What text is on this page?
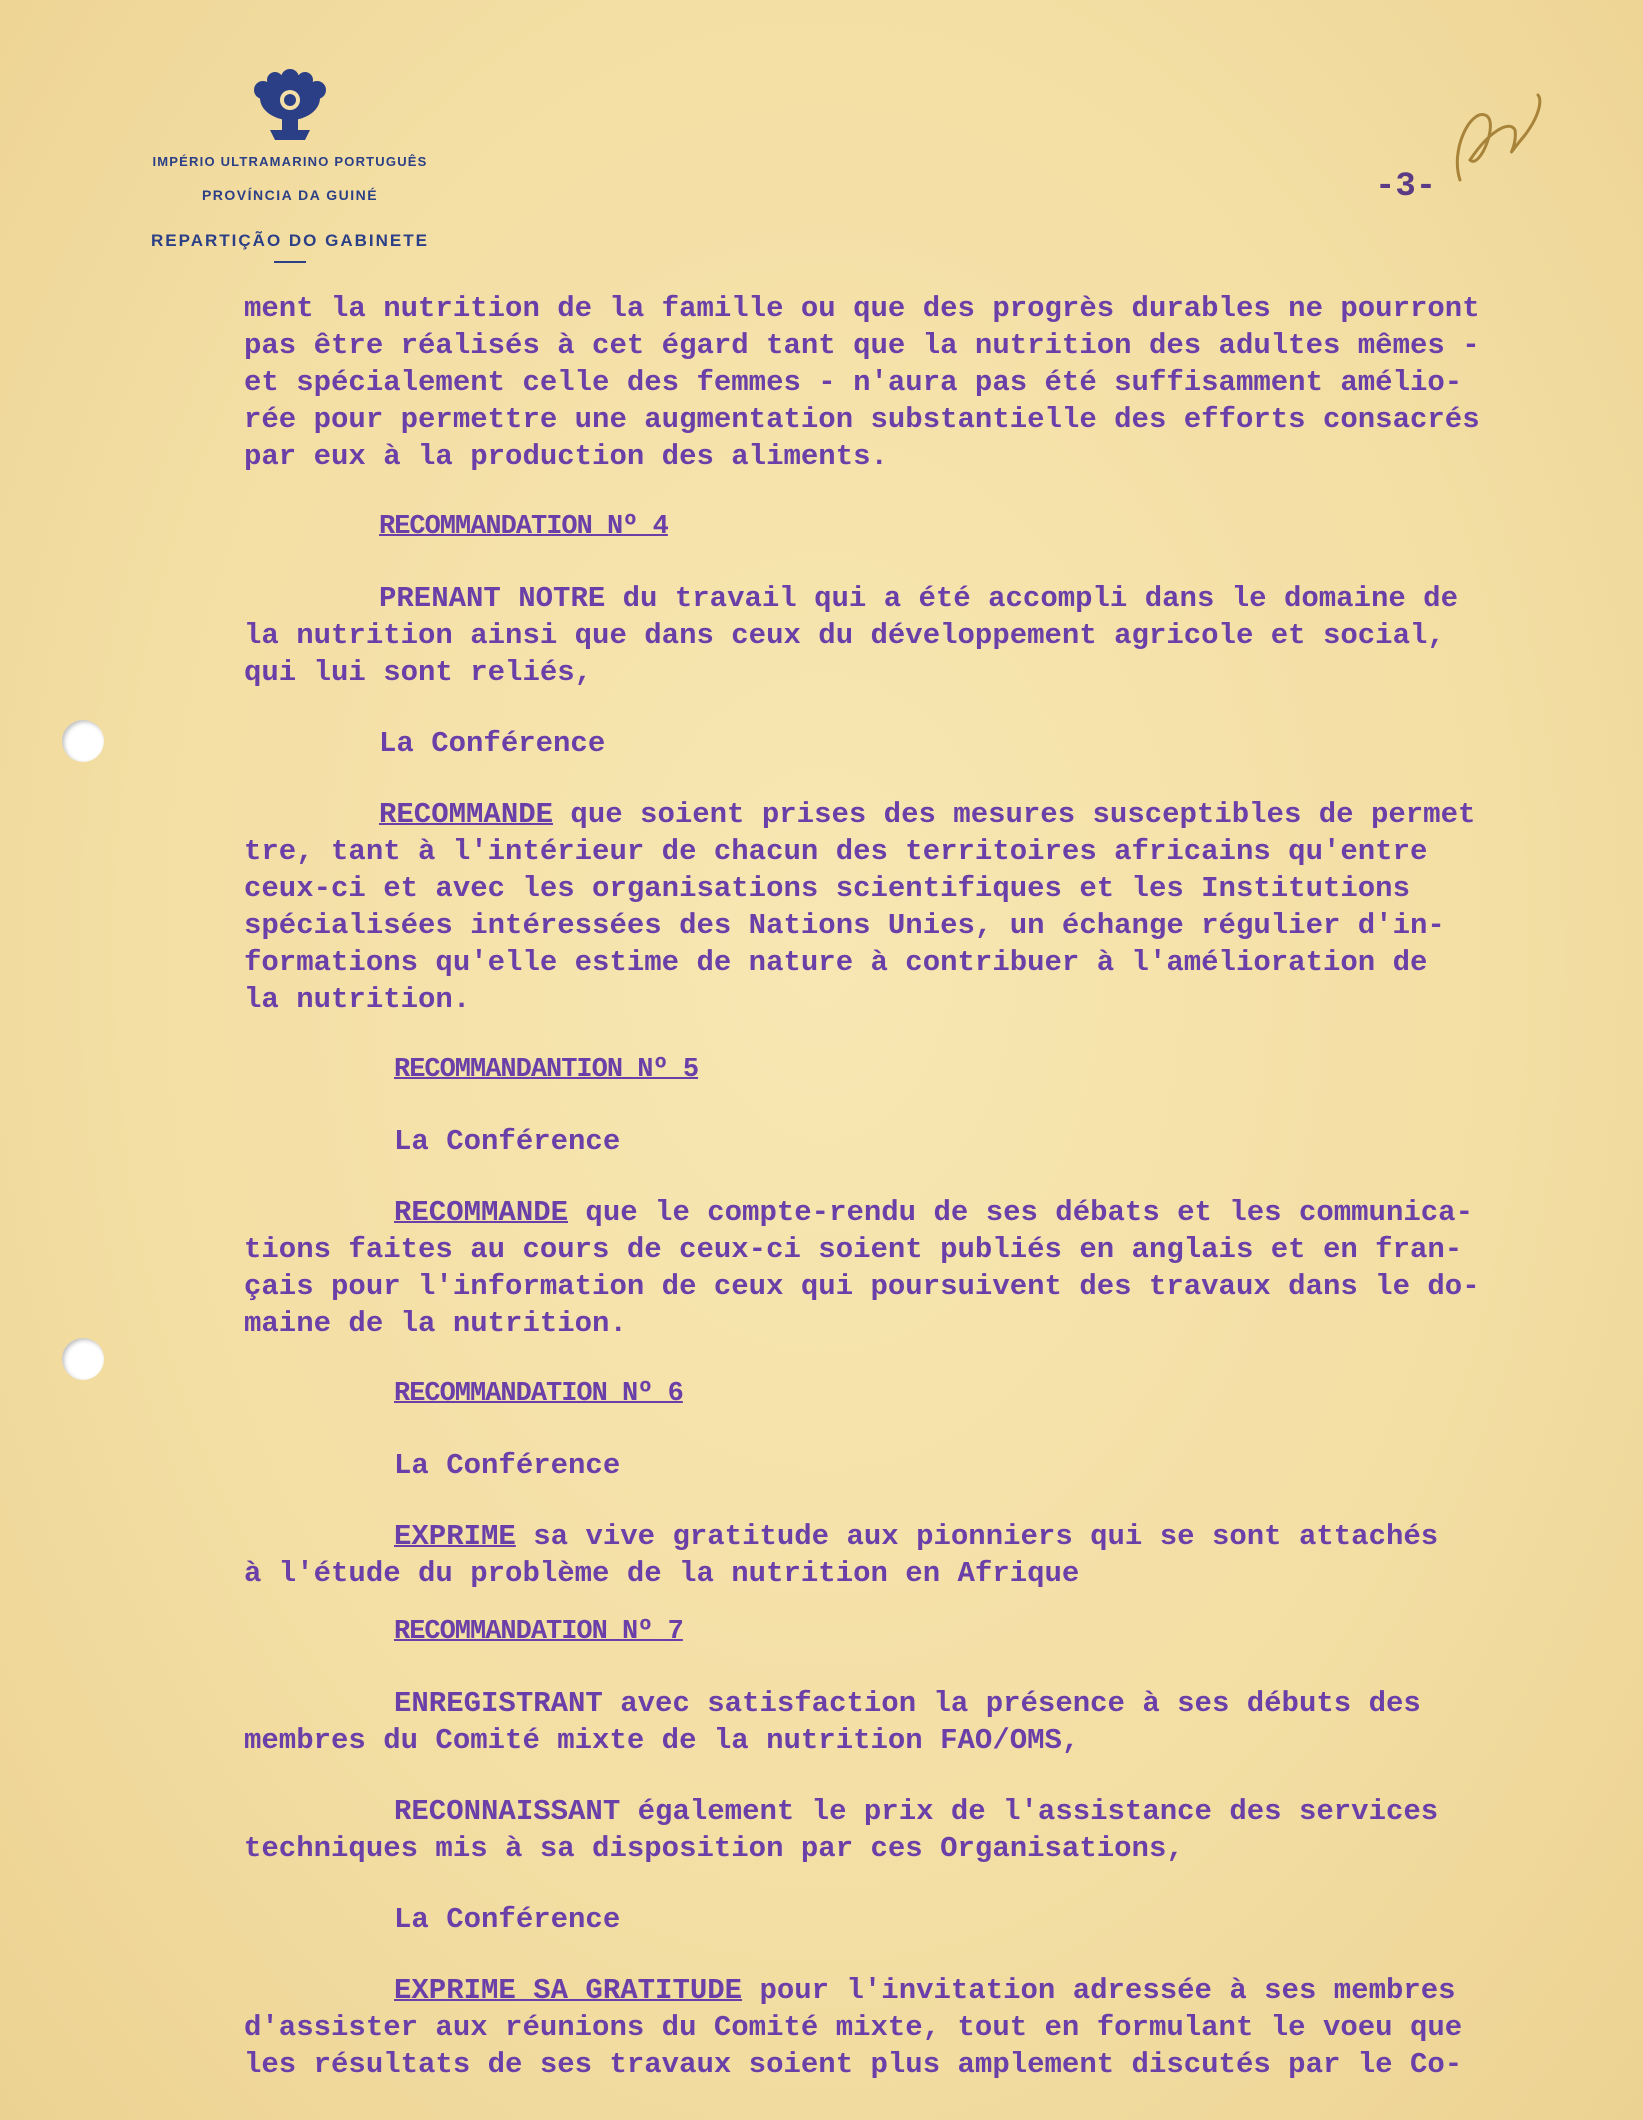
IMPÉRIO ULTRAMARINO PORTUGUÊS
PROVÍNCIA DA GUINÉ
REPARTIÇÃO DO GABINETE
-3-

ment la nutrition de la famille ou que des progrès durables ne pourront

pas être réalisés à cet égard tant que la nutrition des adultes mêmes -

et spécialement celle des femmes - n'aura pas été suffisamment amélio-

rée pour permettre une augmentation substantielle des efforts consacrés

par eux à la production des aliments.

RECOMMANDATION Nº 4

PRENANT NOTRE du travail qui a été accompli dans le domaine de

la nutrition ainsi que dans ceux du développement agricole et social,

qui lui sont reliés,

La Conférence

RECOMMANDE que soient prises des mesures susceptibles de permet

tre, tant à l'intérieur de chacun des territoires africains qu'entre

ceux-ci et avec les organisations scientifiques et les Institutions

spécialisées intéressées des Nations Unies, un échange régulier d'in-

formations qu'elle estime de nature à contribuer à l'amélioration de

la nutrition.

RECOMMANDANTION Nº 5

La Conférence

RECOMMANDE que le compte-rendu de ses débats et les communica-

tions faites au cours de ceux-ci soient publiés en anglais et en fran-

çais pour l'information de ceux qui poursuivent des travaux dans le do-

maine de la nutrition.

RECOMMANDATION Nº 6

La Conférence

EXPRIME sa vive gratitude aux pionniers qui se sont attachés

à l'étude du problème de la nutrition en Afrique

RECOMMANDATION Nº 7

ENREGISTRANT avec satisfaction la présence à ses débuts des

membres du Comité mixte de la nutrition FAO/OMS,

RECONNAISSANT également le prix de l'assistance des services

techniques mis à sa disposition par ces Organisations,

La Conférence

EXPRIME SA GRATITUDE pour l'invitation adressée à ses membres

d'assister aux réunions du Comité mixte, tout en formulant le voeu que

les résultats de ses travaux soient plus amplement discutés par le Co-
